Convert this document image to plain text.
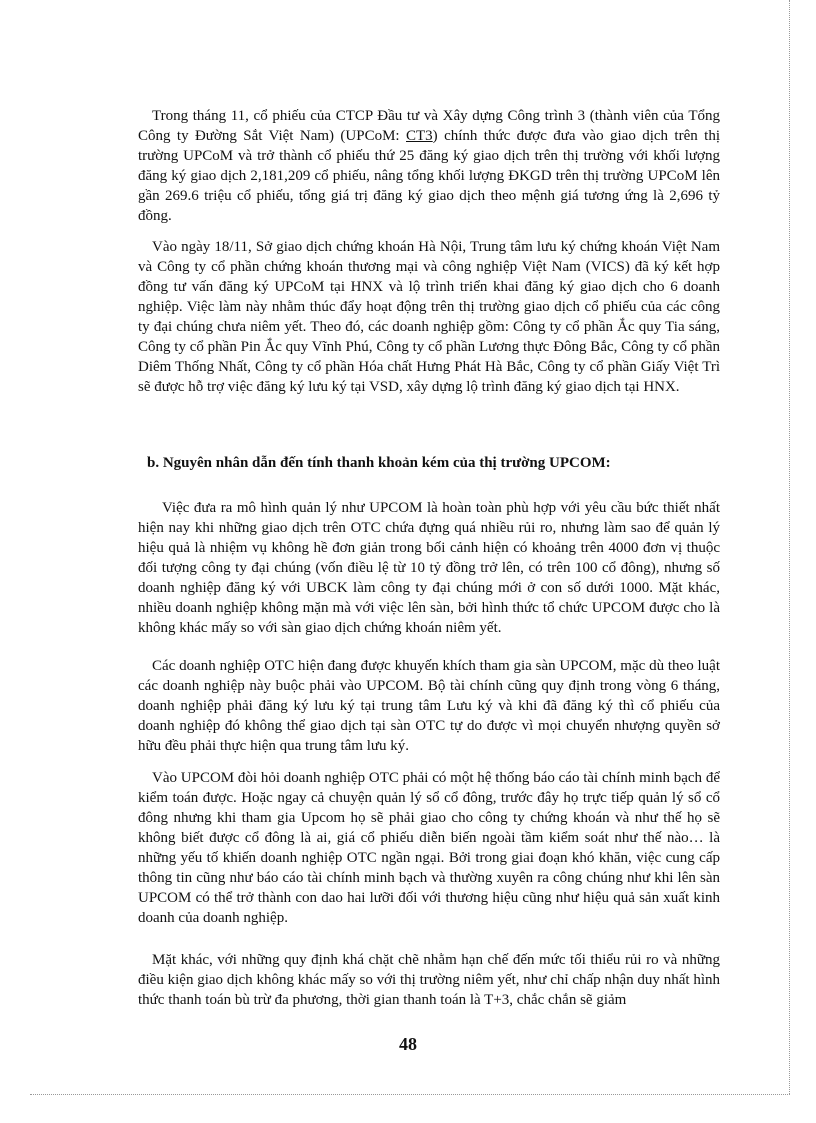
Trong tháng 11, cổ phiếu của CTCP Đầu tư và Xây dựng Công trình 3 (thành viên của Tổng Công ty Đường Sắt Việt Nam) (UPCoM: CT3) chính thức được đưa vào giao dịch trên thị trường UPCoM và trở thành cổ phiếu thứ 25 đăng ký giao dịch trên thị trường với khối lượng đăng ký giao dịch 2,181,209 cổ phiếu, nâng tổng khối lượng ĐKGD trên thị trường UPCoM lên gần 269.6 triệu cổ phiếu, tổng giá trị đăng ký giao dịch theo mệnh giá tương ứng là 2,696 tỷ đồng.

Vào ngày 18/11, Sở giao dịch chứng khoán Hà Nội, Trung tâm lưu ký chứng khoán Việt Nam và Công ty cổ phần chứng khoán thương mại và công nghiệp Việt Nam (VICS) đã ký kết hợp đồng tư vấn đăng ký UPCoM tại HNX và lộ trình triển khai đăng ký giao dịch cho 6 doanh nghiệp. Việc làm này nhằm thúc đẩy hoạt động trên thị trường giao dịch cổ phiếu của các công ty đại chúng chưa niêm yết. Theo đó, các doanh nghiệp gồm: Công ty cổ phần Ắc quy Tia sáng, Công ty cổ phần Pin Ắc quy Vĩnh Phú, Công ty cổ phần Lương thực Đông Bắc, Công ty cổ phần Diêm Thống Nhất, Công ty cổ phần Hóa chất Hưng Phát Hà Bắc, Công ty cổ phần Giấy Việt Trì sẽ được hỗ trợ việc đăng ký lưu ký tại VSD, xây dựng lộ trình đăng ký giao dịch tại HNX.

b. Nguyên nhân dẫn đến tính thanh khoản kém của thị trường UPCOM:

Việc đưa ra mô hình quản lý như UPCOM là hoàn toàn phù hợp với yêu cầu bức thiết nhất hiện nay khi những giao dịch trên OTC chứa đựng quá nhiều rủi ro, nhưng làm sao để quản lý hiệu quả là nhiệm vụ không hề đơn giản trong bối cảnh hiện có khoảng trên 4000 đơn vị thuộc đối tượng công ty đại chúng (vốn điều lệ từ 10 tỷ đồng trở lên, có trên 100 cổ đông), nhưng số doanh nghiệp đăng ký với UBCK làm công ty đại chúng mới ở con số dưới 1000. Mặt khác, nhiều doanh nghiệp không mặn mà với việc lên sàn, bởi hình thức tổ chức UPCOM được cho là không khác mấy so với sàn giao dịch chứng khoán niêm yết.

Các doanh nghiệp OTC hiện đang được khuyến khích tham gia sàn UPCOM, mặc dù theo luật các doanh nghiệp này buộc phải vào UPCOM. Bộ tài chính cũng quy định trong vòng 6 tháng, doanh nghiệp phải đăng ký lưu ký tại trung tâm Lưu ký và khi đã đăng ký thì cổ phiếu của doanh nghiệp đó không thể giao dịch tại sàn OTC tự do được vì mọi chuyển nhượng quyền sở hữu đều phải thực hiện qua trung tâm lưu ký.

Vào UPCOM đòi hỏi doanh nghiệp OTC phải có một hệ thống báo cáo tài chính minh bạch để kiểm toán được. Hoặc ngay cả chuyện quản lý sổ cổ đông, trước đây họ trực tiếp quản lý sổ cổ đông nhưng khi tham gia Upcom họ sẽ phải giao cho công ty chứng khoán và như thế họ sẽ không biết được cổ đông là ai, giá cổ phiếu diễn biến ngoài tầm kiểm soát như thế nào… là những yếu tố khiến doanh nghiệp OTC ngần ngại. Bởi trong giai đoạn khó khăn, việc cung cấp thông tin cũng như báo cáo tài chính minh bạch và thường xuyên ra công chúng như khi lên sàn UPCOM có thể trở thành con dao hai lưỡi đối với thương hiệu cũng như hiệu quả sản xuất kinh doanh của doanh nghiệp.

Mặt khác, với những quy định khá chặt chẽ nhằm hạn chế đến mức tối thiểu rủi ro và những điều kiện giao dịch không khác mấy so với thị trường niêm yết, như chỉ chấp nhận duy nhất hình thức thanh toán bù trừ đa phương, thời gian thanh toán là T+3, chắc chắn sẽ giảm

48
